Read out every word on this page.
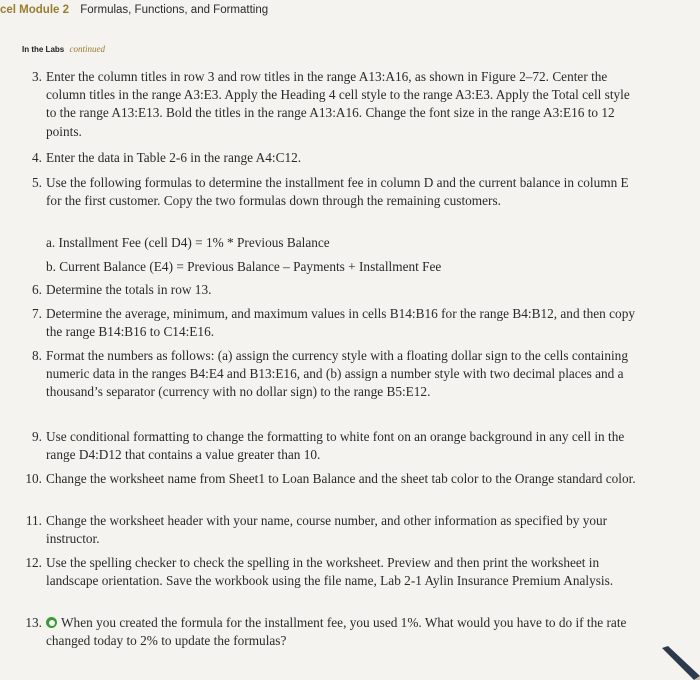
cel Module 2 Formulas, Functions, and Formatting
In the Labs continued
3. Enter the column titles in row 3 and row titles in the range A13:A16, as shown in Figure 2–72. Center the column titles in the range A3:E3. Apply the Heading 4 cell style to the range A3:E3. Apply the Total cell style to the range A13:E13. Bold the titles in the range A13:A16. Change the font size in the range A3:E16 to 12 points.
4. Enter the data in Table 2-6 in the range A4:C12.
5. Use the following formulas to determine the installment fee in column D and the current balance in column E for the first customer. Copy the two formulas down through the remaining customers.
a. Installment Fee (cell D4) = 1% * Previous Balance
b. Current Balance (E4) = Previous Balance – Payments + Installment Fee
6. Determine the totals in row 13.
7. Determine the average, minimum, and maximum values in cells B14:B16 for the range B4:B12, and then copy the range B14:B16 to C14:E16.
8. Format the numbers as follows: (a) assign the currency style with a floating dollar sign to the cells containing numeric data in the ranges B4:E4 and B13:E16, and (b) assign a number style with two decimal places and a thousand’s separator (currency with no dollar sign) to the range B5:E12.
9. Use conditional formatting to change the formatting to white font on an orange background in any cell in the range D4:D12 that contains a value greater than 10.
10. Change the worksheet name from Sheet1 to Loan Balance and the sheet tab color to the Orange standard color.
11. Change the worksheet header with your name, course number, and other information as specified by your instructor.
12. Use the spelling checker to check the spelling in the worksheet. Preview and then print the worksheet in landscape orientation. Save the workbook using the file name, Lab 2-1 Aylin Insurance Premium Analysis.
13.	When you created the formula for the installment fee, you used 1%. What would you have to do if the rate changed today to 2% to update the formulas?
